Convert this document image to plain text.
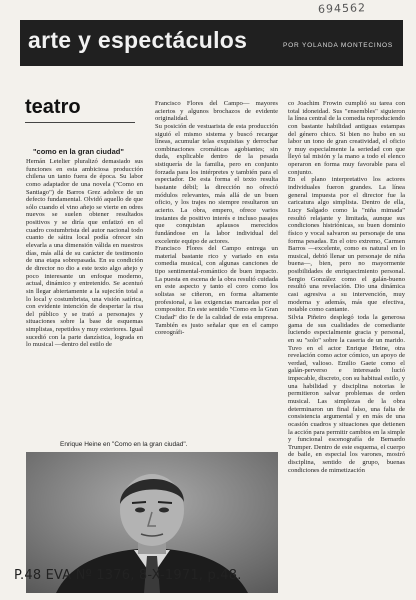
694562
arte y espectáculos	POR YOLANDA MONTECINOS
teatro
"como en la gran ciudad"

Hernán Letelier pluralizó demasiado sus funciones en esta ambiciosa producción chilena un tanto fuera de época. Su labor como adaptador de una novela ("Como en Santiago") de Barros Grez adolece de un defecto fundamental. Olvidó aquello de que sólo cuando el vino añejo se vierte en odres nuevos se suelen obtener resultados positivos y se diría que enfatizó en el cuadro costumbrista del autor nacional todo cuanto de sátira local podía ofrecer sin elevarla a una dimensión válida en nuestros días, más allá de su carácter de testimonio de una etapa sobrepasada. En su condición de director no dio a este texto algo añejo y poco interesante un enfoque moderno, actual, dinámico y entretenido. Se acentuó sin llegar abiertamente a la sujeción total a lo local y costumbrista, una visión satírica, con evidente intención de despertar la risa del público y se trató a personajes y situaciones sobre la base de esquemas simplistas, repetidos y muy exteriores. Igual sucedió con la parte danzística, lograda en lo musical —dentro del estilo de

Francisco Flores del Campo— mayores aciertos y algunos brochazos de evidente originalidad.

Su posición de vestuarista de esta producción siguió el mismo sistema y buscó recargar líneas, acumular telas exquisitas y derrochar combinaciones cromáticas agobiantes; sin duda, explicable dentro de la pesada sistiquería de la familia, pero en conjunto forzada para los intérpretes y también para el espectador. De esta forma el texto resulta bastante débil; la dirección no ofreció módulos relevantes, más allá de un buen oficio, y los trajes no siempre resultaron un acierto. La obra, empero, ofrece varios instantes de positivo interés e incluso pasajes que conquistan aplausos merecidos fundándose en la labor individual del excelente equipo de actores.

Francisco Flores del Campo entrega un material bastante rico y variado en esta comedia musical, con algunas canciones de tipo sentimental-romántico de buen impacto. La puesta en escena de la obra resultó cuidada en este aspecto y tanto el coro como los solistas se ciñeron, en forma altamente profesional, a las exigencias marcadas por el compositor. En este sentido "Como en la Gran Ciudad" dio fe de la calidad de esta empresa. También es justo señalar que en el campo coreográfi-

co Joachim Frowin cumplió su tarea con total idoneidad. Sus "ensembles" siguieron la línea central de la comedia reproduciendo con bastante habilidad antiguas estampas del género chico. Si bien no hubo en su labor un tono de gran creatividad, el oficio y muy especialmente la seriedad con que lleyó tal misión y la mano a todo el elenco operaron en forma muy favorable para el conjunto.

En el plano interpretativo los actores individuales fueron grandes. La línea general impuesta por el director fue la caricatura algo simplista. Dentro de ella, Lucy Salgado como la "niña mimada" resultó relajante y limitada, aunque sus condiciones histriónicas, su buen dominio físico y vocal salvaron su personaje de una forma pesadas. En el otro extremo, Carmen Barros —excelente, como es natural en lo musical, debió llenar un personaje de niña buena—, bien, pero no mayormente posibilidades de enriquecimiento personal. Sergio González como el galán-bueno resultó una revelación. Dio una dinámica casi agresiva a su intervención, muy moderna y además, más que efectiva, notable como cantante.

Silvia Piñeiro desplegó toda la generosa gama de sus cualidades de comediante luciendo especialmente gracia y personal, en su "solo" sobre la caseria de un marido. Tuvo en el actor Enrique Heine, otra revelación como actor cómico, un apoyo de verdad, valioso. Emilio Gaete como el galán-perverso e interesado lució impecable, discreto, con su habitual estilo, y una habilidad y disciplina notorias le permitieron salvar problemas de orden musical. Las simplezas de la obra determinaron un final falso, una falta de consistencia argumental y en más de una ocasión cuadros y situaciones que detienen la acción para permitir cambios en la simple y funcional escenografía de Bernardo Trumper. Dentro de este esquema, el cuerpo de baile, en especial los varones, mostró disciplina, sentido de grupo, buenas condiciones de mimetización

Enrique Heine en "Como en la gran ciudad".
P.48 EVA Nº 1376, 8-X-1971, p.48.
